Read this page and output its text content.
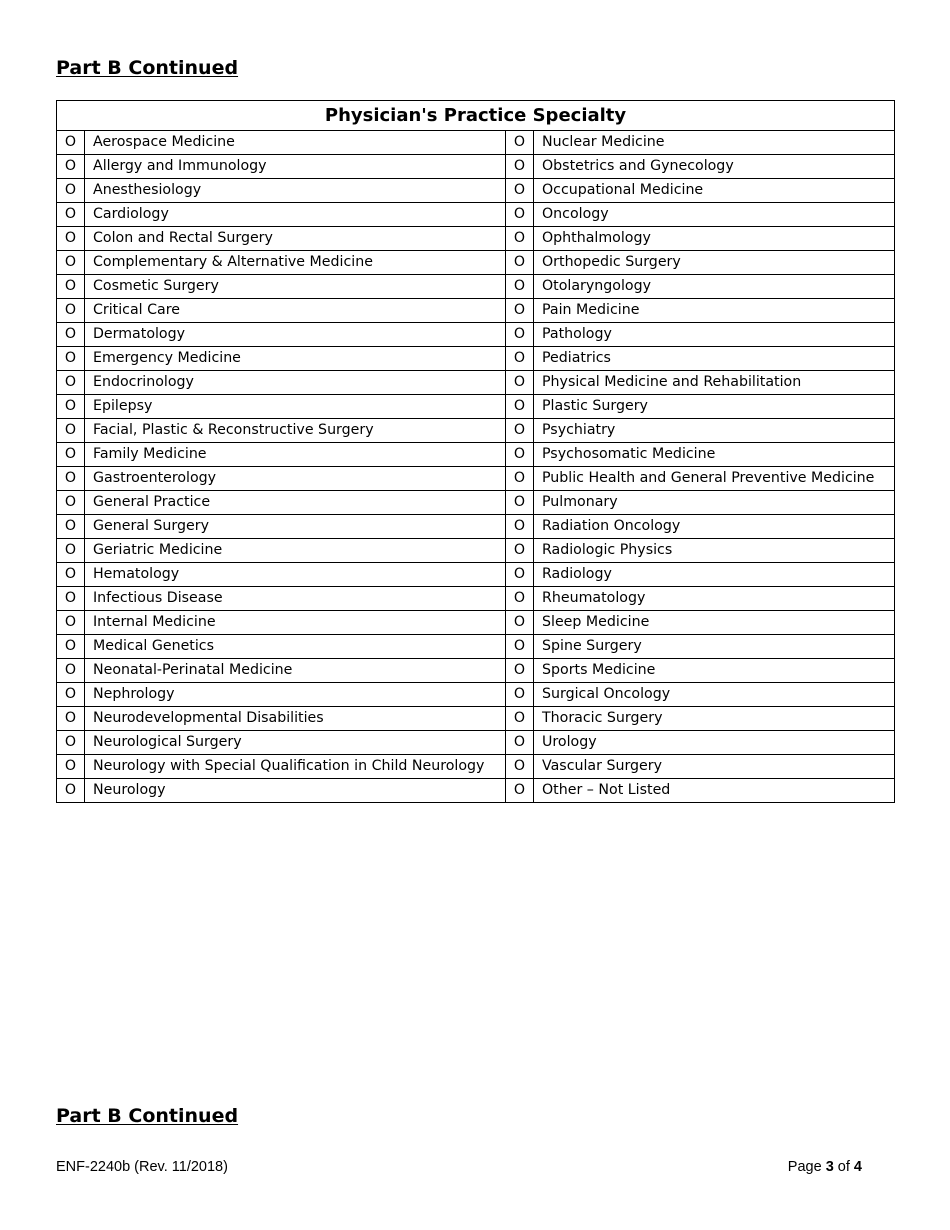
Part B Continued
Physician's Practice Specialty			
O	Aerospace Medicine	O	Nuclear Medicine
O	Allergy and Immunology	O	Obstetrics and Gynecology
O	Anesthesiology	O	Occupational Medicine
O	Cardiology	O	Oncology
O	Colon and Rectal Surgery	O	Ophthalmology
O	Complementary & Alternative Medicine	O	Orthopedic Surgery
O	Cosmetic Surgery	O	Otolaryngology
O	Critical Care	O	Pain Medicine
O	Dermatology	O	Pathology
O	Emergency Medicine	O	Pediatrics
O	Endocrinology	O	Physical Medicine and Rehabilitation
O	Epilepsy	O	Plastic Surgery
O	Facial, Plastic & Reconstructive Surgery	O	Psychiatry
O	Family Medicine	O	Psychosomatic Medicine
O	Gastroenterology	O	Public Health and General Preventive Medicine
O	General Practice	O	Pulmonary
O	General Surgery	O	Radiation Oncology
O	Geriatric Medicine	O	Radiologic Physics
O	Hematology	O	Radiology
O	Infectious Disease	O	Rheumatology
O	Internal Medicine	O	Sleep Medicine
O	Medical Genetics	O	Spine Surgery
O	Neonatal-Perinatal Medicine	O	Sports Medicine
O	Nephrology	O	Surgical Oncology
O	Neurodevelopmental Disabilities	O	Thoracic Surgery
O	Neurological Surgery	O	Urology
O	Neurology with Special Qualification in Child Neurology	O	Vascular Surgery
O	Neurology	O	Other – Not Listed
Part B Continued
ENF-2240b (Rev. 11/2018)	Page 3 of 4
